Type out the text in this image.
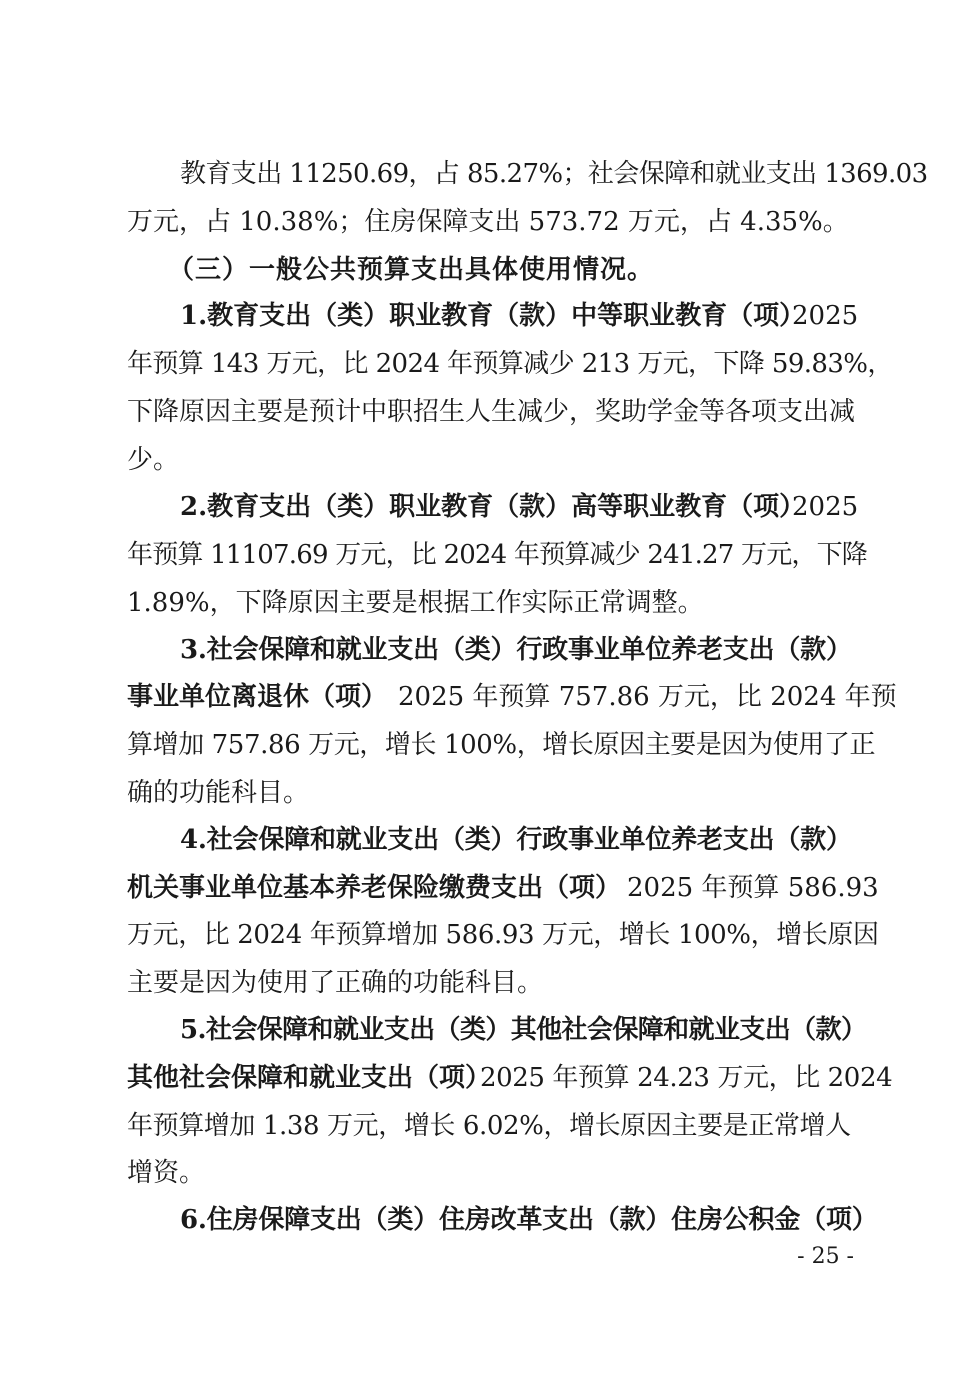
教育支出 11250.69，占 85.27%；社会保障和就业支出 1369.03
万元，占 10.38%；住房保障支出 573.72 万元，占 4.35%。
（三）一般公共预算支出具体使用情况。
1.教育支出（类）职业教育（款）中等职业教育（项）
2025
年预算 143 万元，比 2024 年预算减少 213 万元，下降 59.83%，
下降原因主要是预计中职招生人生减少，奖助学金等各项支出减
少。
2.教育支出（类）职业教育（款）高等职业教育（项）
2025
年预算 11107.69 万元，比 2024 年预算减少 241.27 万元，下降
1.89%，下降原因主要是根据工作实际正常调整。
3.社会保障和就业支出（类）行政事业单位养老支出（款）
事业单位离退休（项） 2025 年预算 757.86 万元，比 2024 年预
算增加 757.86 万元，增长 100%，增长原因主要是因为使用了正
确的功能科目。
4.社会保障和就业支出（类）行政事业单位养老支出（款）
机关事业单位基本养老保险缴费支出（项） 2025 年预算 586.93
万元，比 2024 年预算增加 586.93 万元，增长 100%，增长原因
主要是因为使用了正确的功能科目。
5.社会保障和就业支出（类）其他社会保障和就业支出（款）
其他社会保障和就业支出（项）
2025 年预算 24.23 万元，比 2024
年预算增加 1.38 万元，增长 6.02%，增长原因主要是正常增人
增资。
6.住房保障支出（类）住房改革支出（款）住房公积金（项）
- 25 -
